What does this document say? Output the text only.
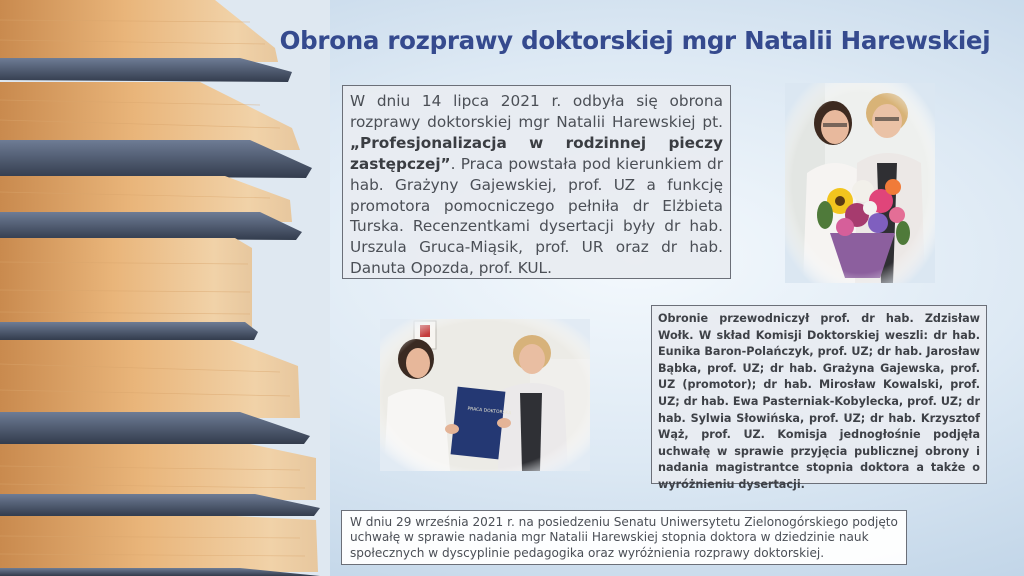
Obrona rozprawy doktorskiej mgr Natalii Harewskiej
W dniu 14 lipca 2021 r. odbyła się obrona rozprawy doktorskiej mgr Natalii Harewskiej pt. „Profesjonalizacja w rodzinnej pieczy zastępczej”. Praca powstała pod kierunkiem dr hab. Grażyny Gajewskiej, prof. UZ a funkcję promotora pomocniczego pełniła dr Elżbieta Turska. Recenzentkami dysertacji były dr hab. Urszula Gruca-Miąsik, prof. UR oraz dr hab. Danuta Opozda, prof. KUL.
Obronie przewodniczył prof. dr hab. Zdzisław Wołk. W skład Komisji Doktorskiej weszli: dr hab. Eunika Baron-Polańczyk, prof. UZ; dr hab. Jarosław Bąbka, prof. UZ; dr hab. Grażyna Gajewska, prof. UZ (promotor); dr hab. Mirosław Kowalski, prof. UZ; dr hab. Ewa Pasterniak-Kobylecka, prof. UZ; dr hab. Sylwia Słowińska, prof. UZ; dr hab. Krzysztof Wąż, prof. UZ. Komisja jednogłośnie podjęła uchwałę w sprawie przyjęcia publicznej obrony i nadania magistrantce stopnia doktora a także o wyróżnieniu dysertacji.
W dniu 29 września 2021 r. na posiedzeniu Senatu Uniwersytetu Zielonogórskiego podjęto uchwałę w sprawie nadania mgr Natalii Harewskiej stopnia doktora w dziedzinie nauk społecznych w dyscyplinie pedagogika oraz wyróżnienia rozprawy doktorskiej.
